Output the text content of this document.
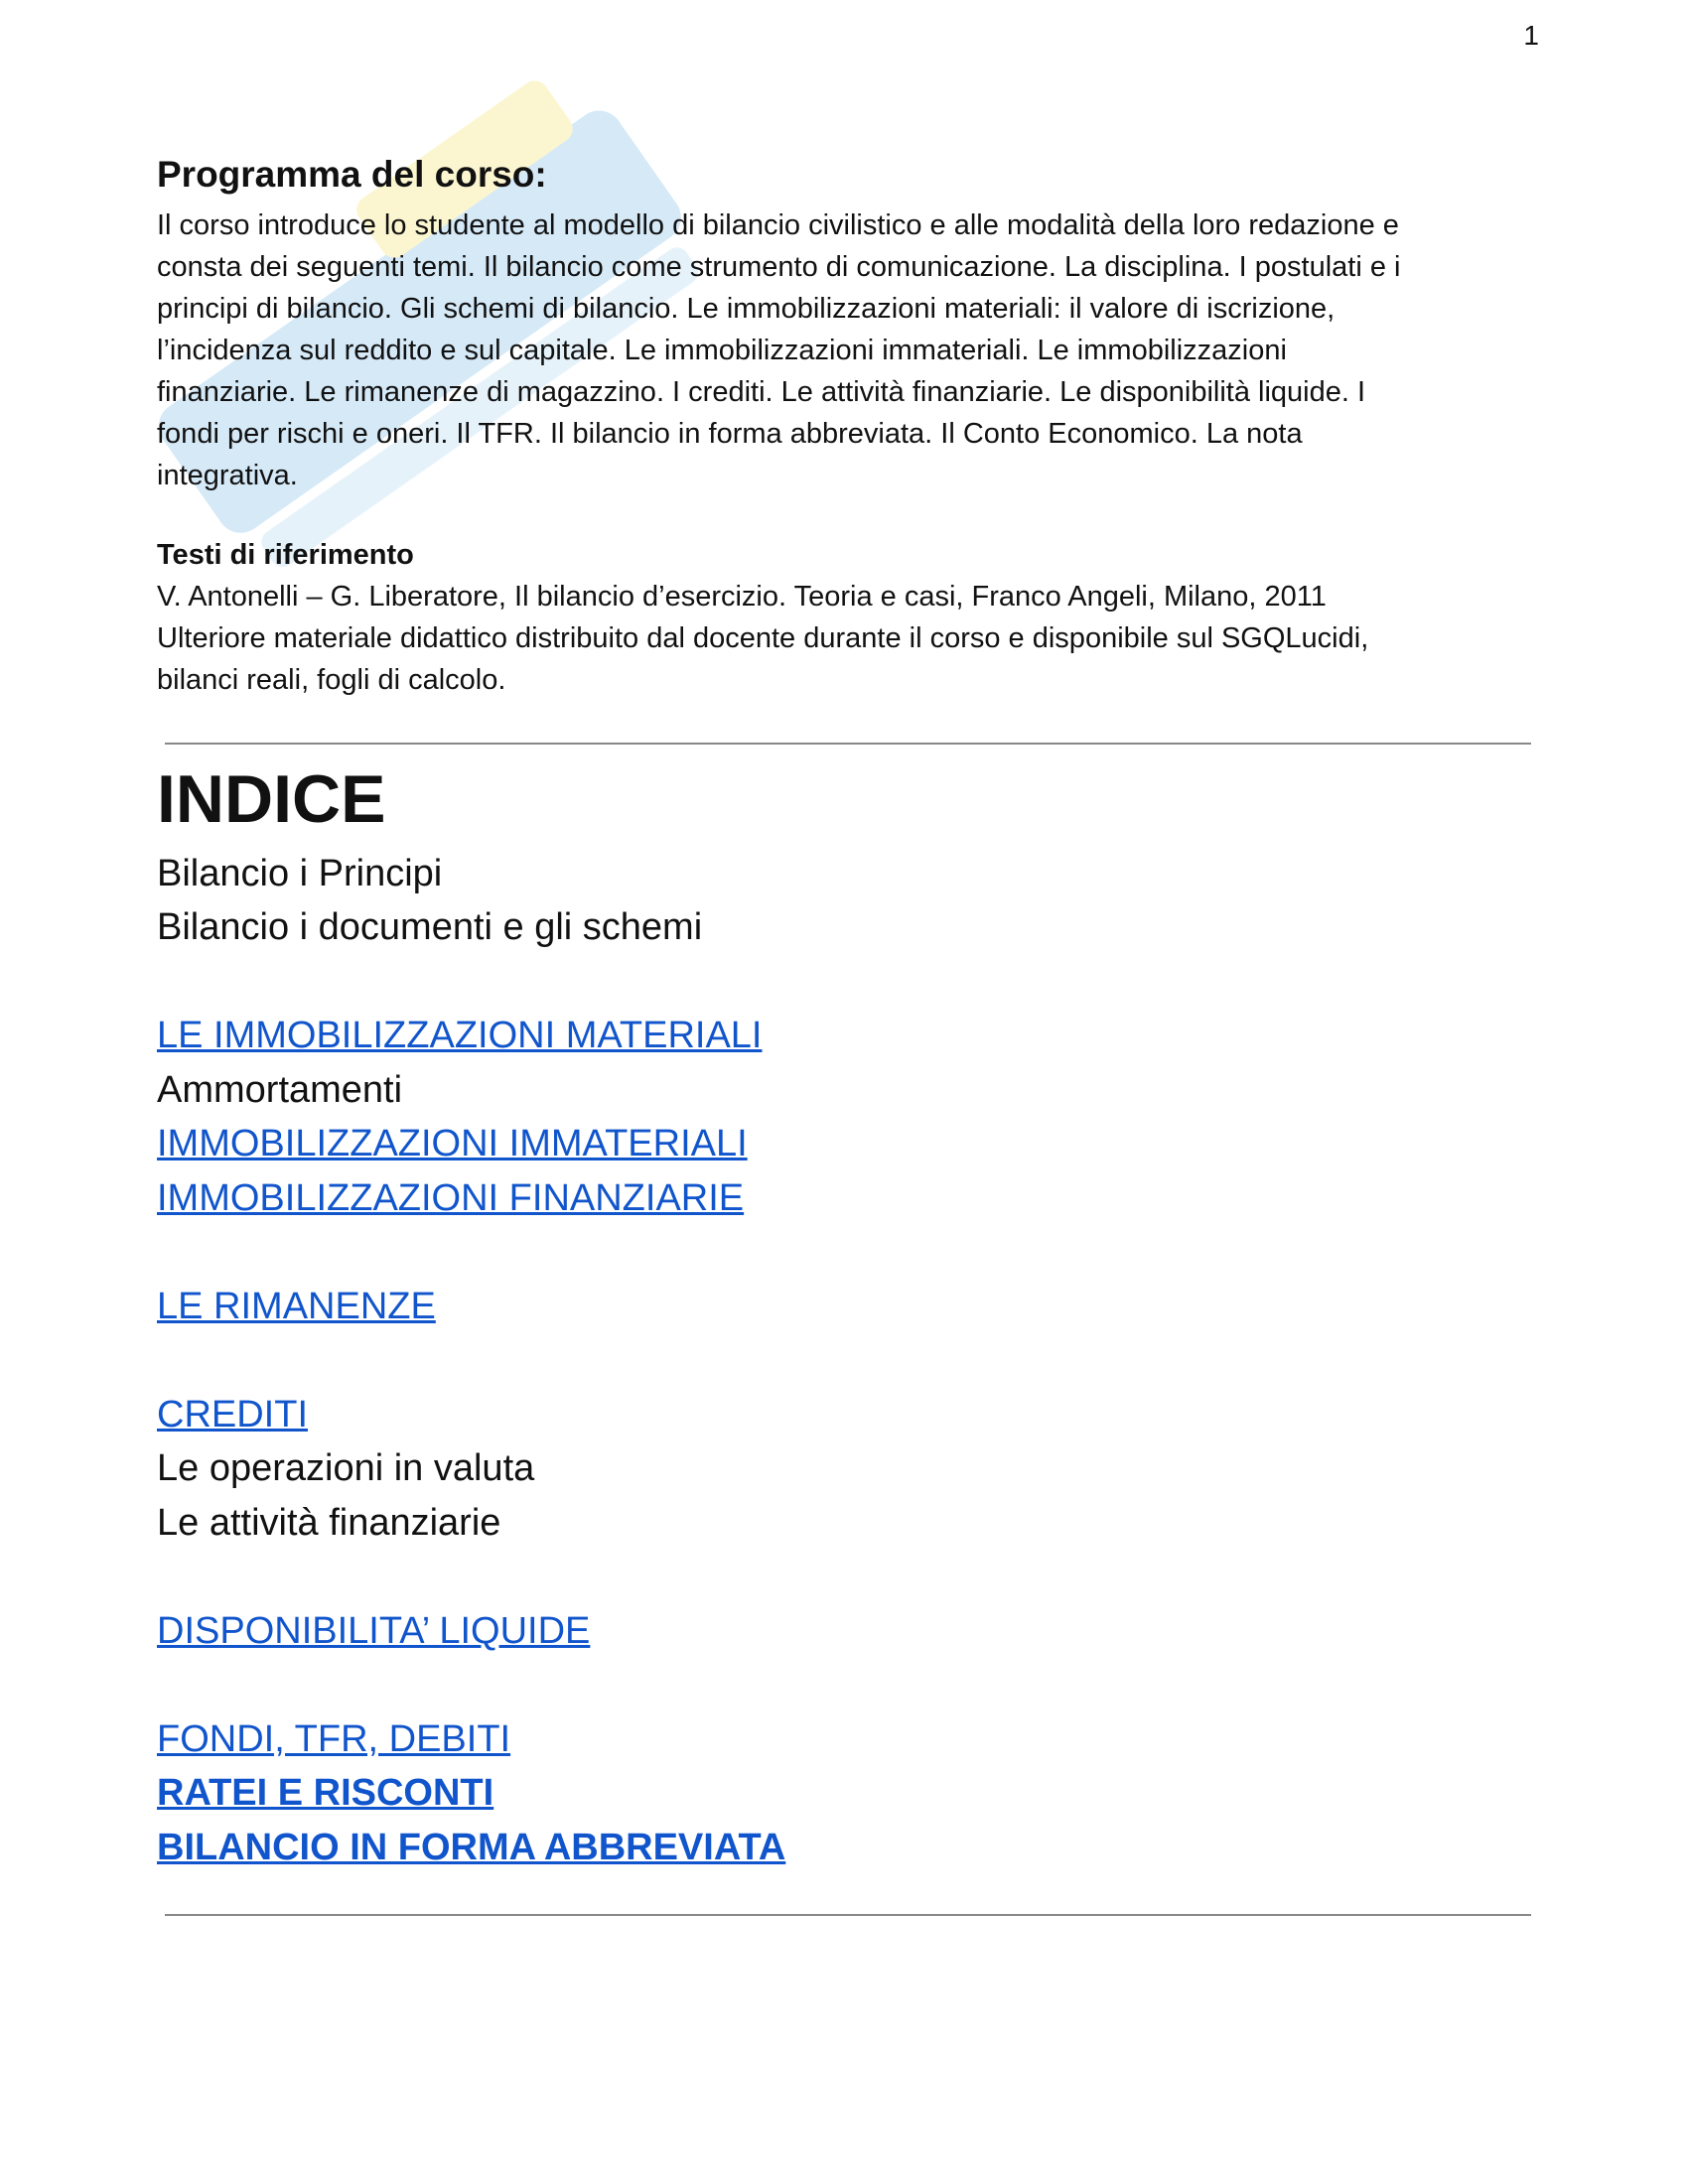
1
Programma del corso:

Il corso introduce lo studente al modello di bilancio civilistico e alle modalità della loro redazione e

consta dei seguenti temi. Il bilancio come strumento di comunicazione. La disciplina. I postulati e i

principi di bilancio. Gli schemi di bilancio. Le immobilizzazioni materiali: il valore di iscrizione,

l’incidenza sul reddito e sul capitale. Le immobilizzazioni immateriali. Le immobilizzazioni

finanziarie. Le rimanenze di magazzino. I crediti. Le attività finanziarie. Le disponibilità liquide. I

fondi per rischi e oneri. Il TFR. Il bilancio in forma abbreviata. Il Conto Economico. La nota

integrativa.

Testi di riferimento

V. Antonelli – G. Liberatore, Il bilancio d’esercizio. Teoria e casi, Franco Angeli, Milano, 2011

Ulteriore materiale didattico distribuito dal docente durante il corso e disponibile sul SGQLucidi,

bilanci reali, fogli di calcolo.

INDICE
Bilancio i Principi
Bilancio i documenti e gli schemi
LE IMMOBILIZZAZIONI MATERIALI
Ammortamenti
IMMOBILIZZAZIONI IMMATERIALI
IMMOBILIZZAZIONI FINANZIARIE
LE RIMANENZE
CREDITI
Le operazioni in valuta
Le attività finanziarie
DISPONIBILITA’ LIQUIDE
FONDI, TFR, DEBITI
RATEI E RISCONTI
BILANCIO IN FORMA ABBREVIATA
